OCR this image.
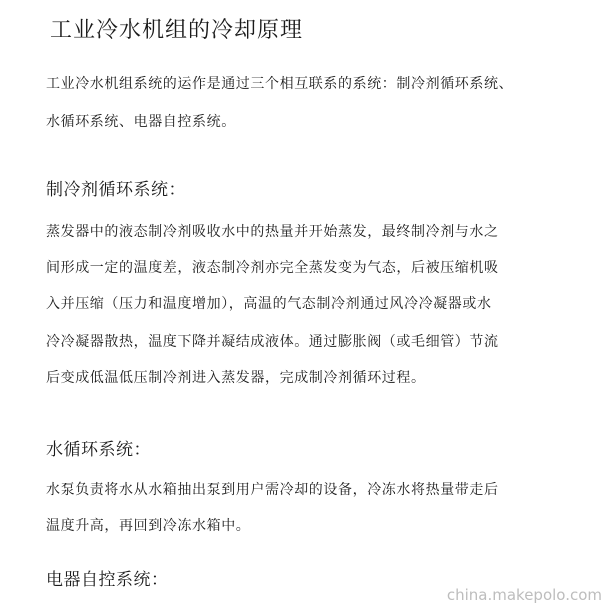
工业冷水机组的冷却原理
工业冷水机组系统的运作是通过三个相互联系的系统：制冷剂循环系统、
水循环系统、电器自控系统。
制冷剂循环系统：
蒸发器中的液态制冷剂吸收水中的热量并开始蒸发，最终制冷剂与水之
间形成一定的温度差，液态制冷剂亦完全蒸发变为气态，后被压缩机吸
入并压缩（压力和温度增加），高温的气态制冷剂通过风冷冷凝器或水
冷冷凝器散热，温度下降并凝结成液体。通过膨胀阀（或毛细管）节流
后变成低温低压制冷剂进入蒸发器，完成制冷剂循环过程。
水循环系统：
水泵负责将水从水箱抽出泵到用户需冷却的设备，冷冻水将热量带走后
温度升高，再回到冷冻水箱中。
电器自控系统：
china.makepolo.com
